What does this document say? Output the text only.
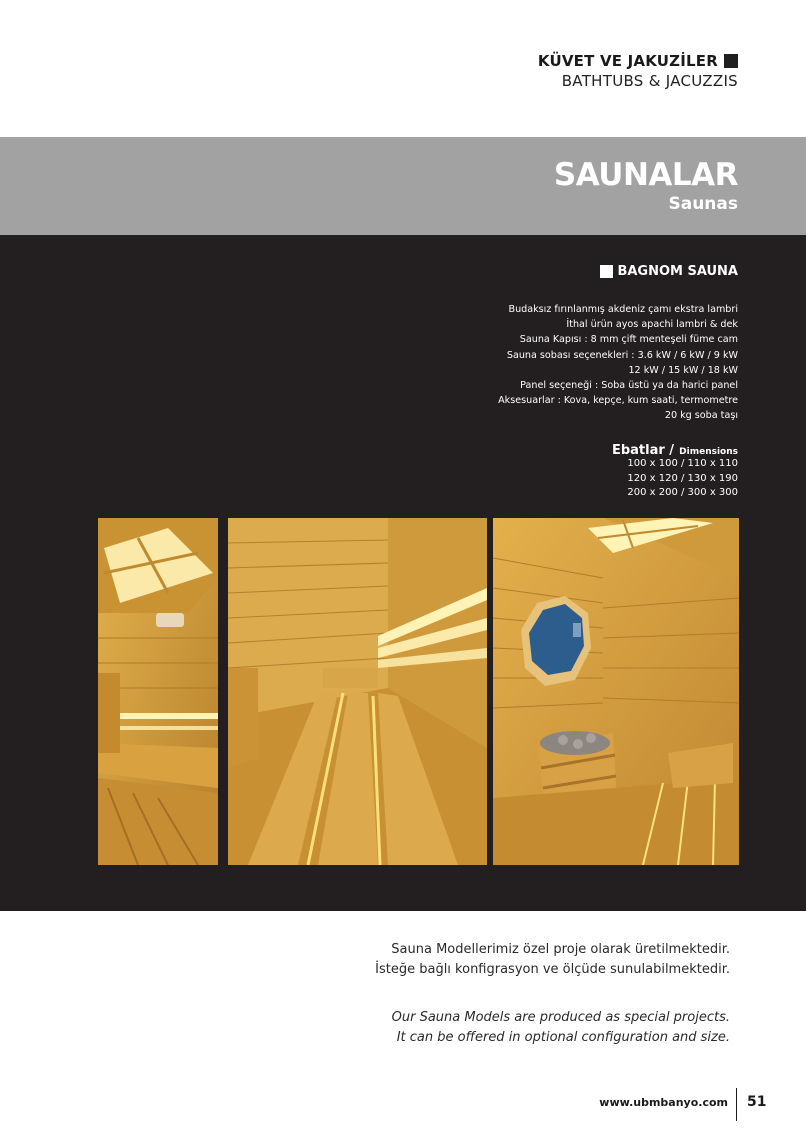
KÜVET VE JAKUZİLER
BATHTUBS & JACUZZIS
SAUNALAR
Saunas
BAGNOM SAUNA
Budaksız fırınlanmış akdeniz çamı ekstra lambri
İthal ürün ayos apachi lambri & dek
Sauna Kapısı : 8 mm çift menteşeli füme cam
Sauna sobası seçenekleri : 3.6 kW / 6 kW / 9 kW
12 kW / 15 kW / 18 kW
Panel seçeneği : Soba üstü ya da harici panel
Aksesuarlar : Kova, kepçe, kum saati, termometre
20 kg soba taşı
Ebatlar / Dimensions
100 x 100 / 110 x 110
120 x 120 / 130 x 190
200 x 200 / 300 x 300
Sauna Modellerimiz özel proje olarak üretilmektedir.
İsteğe bağlı konfigrasyon ve ölçüde sunulabilmektedir.
Our Sauna Models are produced as special projects.
It can be offered in optional configuration and size.
www.ubmbanyo.com 51
